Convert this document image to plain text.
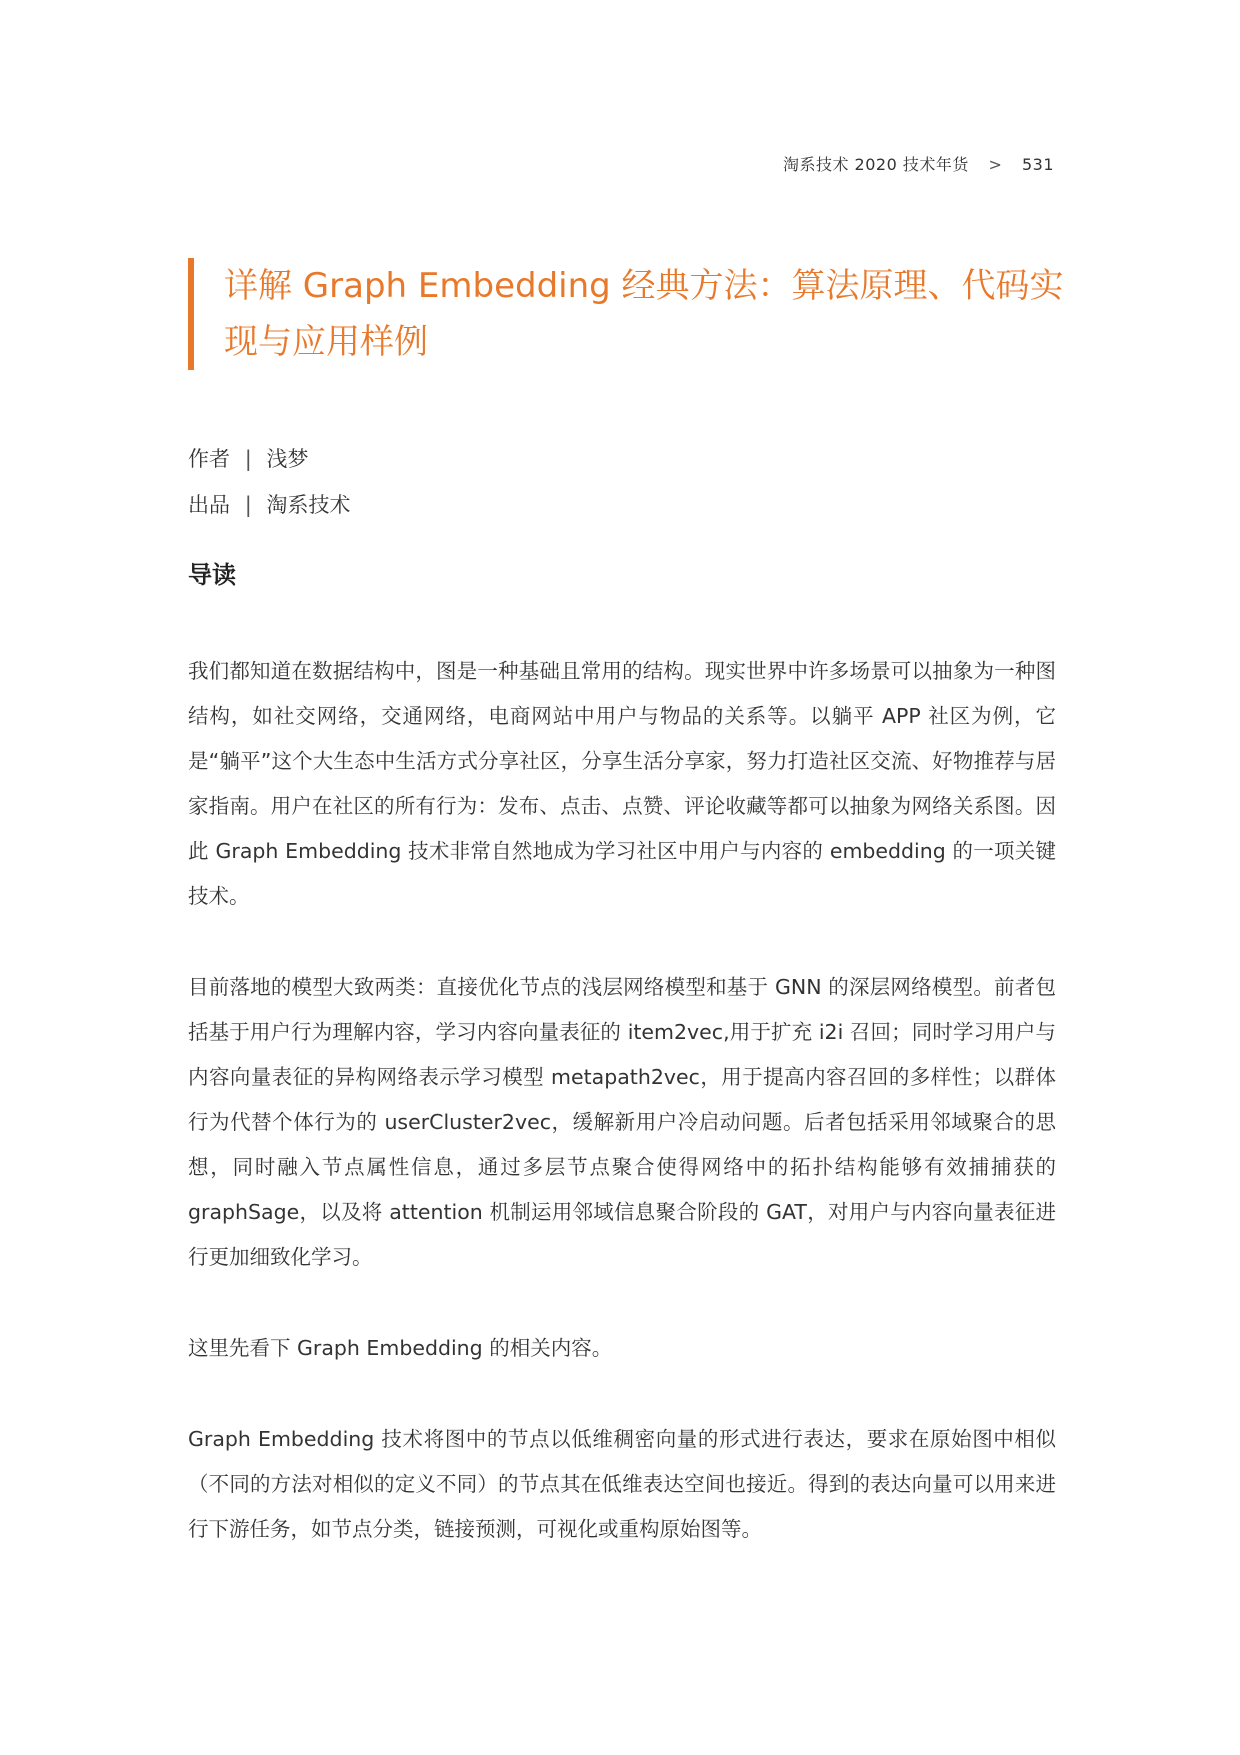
淘系技术 2020 技术年货 > 531
详解 Graph Embedding 经典方法：算法原理、代码实现与应用样例
作者 | 浅梦
出品 | 淘系技术
导读

我们都知道在数据结构中，图是一种基础且常用的结构。现实世界中许多场景可以抽象为一种图结构，如社交网络，交通网络，电商网站中用户与物品的关系等。以躺平 APP 社区为例，它是“躺平”这个大生态中生活方式分享社区，分享生活分享家，努力打造社区交流、好物推荐与居家指南。用户在社区的所有行为：发布、点击、点赞、评论收藏等都可以抽象为网络关系图。因此 Graph Embedding 技术非常自然地成为学习社区中用户与内容的 embedding 的一项关键技术。

目前落地的模型大致两类：直接优化节点的浅层网络模型和基于 GNN 的深层网络模型。前者包括基于用户行为理解内容，学习内容向量表征的 item2vec,用于扩充 i2i 召回；同时学习用户与内容向量表征的异构网络表示学习模型 metapath2vec，用于提高内容召回的多样性；以群体行为代替个体行为的 userCluster2vec，缓解新用户冷启动问题。后者包括采用邻域聚合的思想，同时融入节点属性信息，通过多层节点聚合使得网络中的拓扑结构能够有效捕捕获的 graphSage，以及将 attention 机制运用邻域信息聚合阶段的 GAT，对用户与内容向量表征进行更加细致化学习。

这里先看下 Graph Embedding 的相关内容。

Graph Embedding 技术将图中的节点以低维稠密向量的形式进行表达，要求在原始图中相似（不同的方法对相似的定义不同）的节点其在低维表达空间也接近。得到的表达向量可以用来进行下游任务，如节点分类，链接预测，可视化或重构原始图等。
